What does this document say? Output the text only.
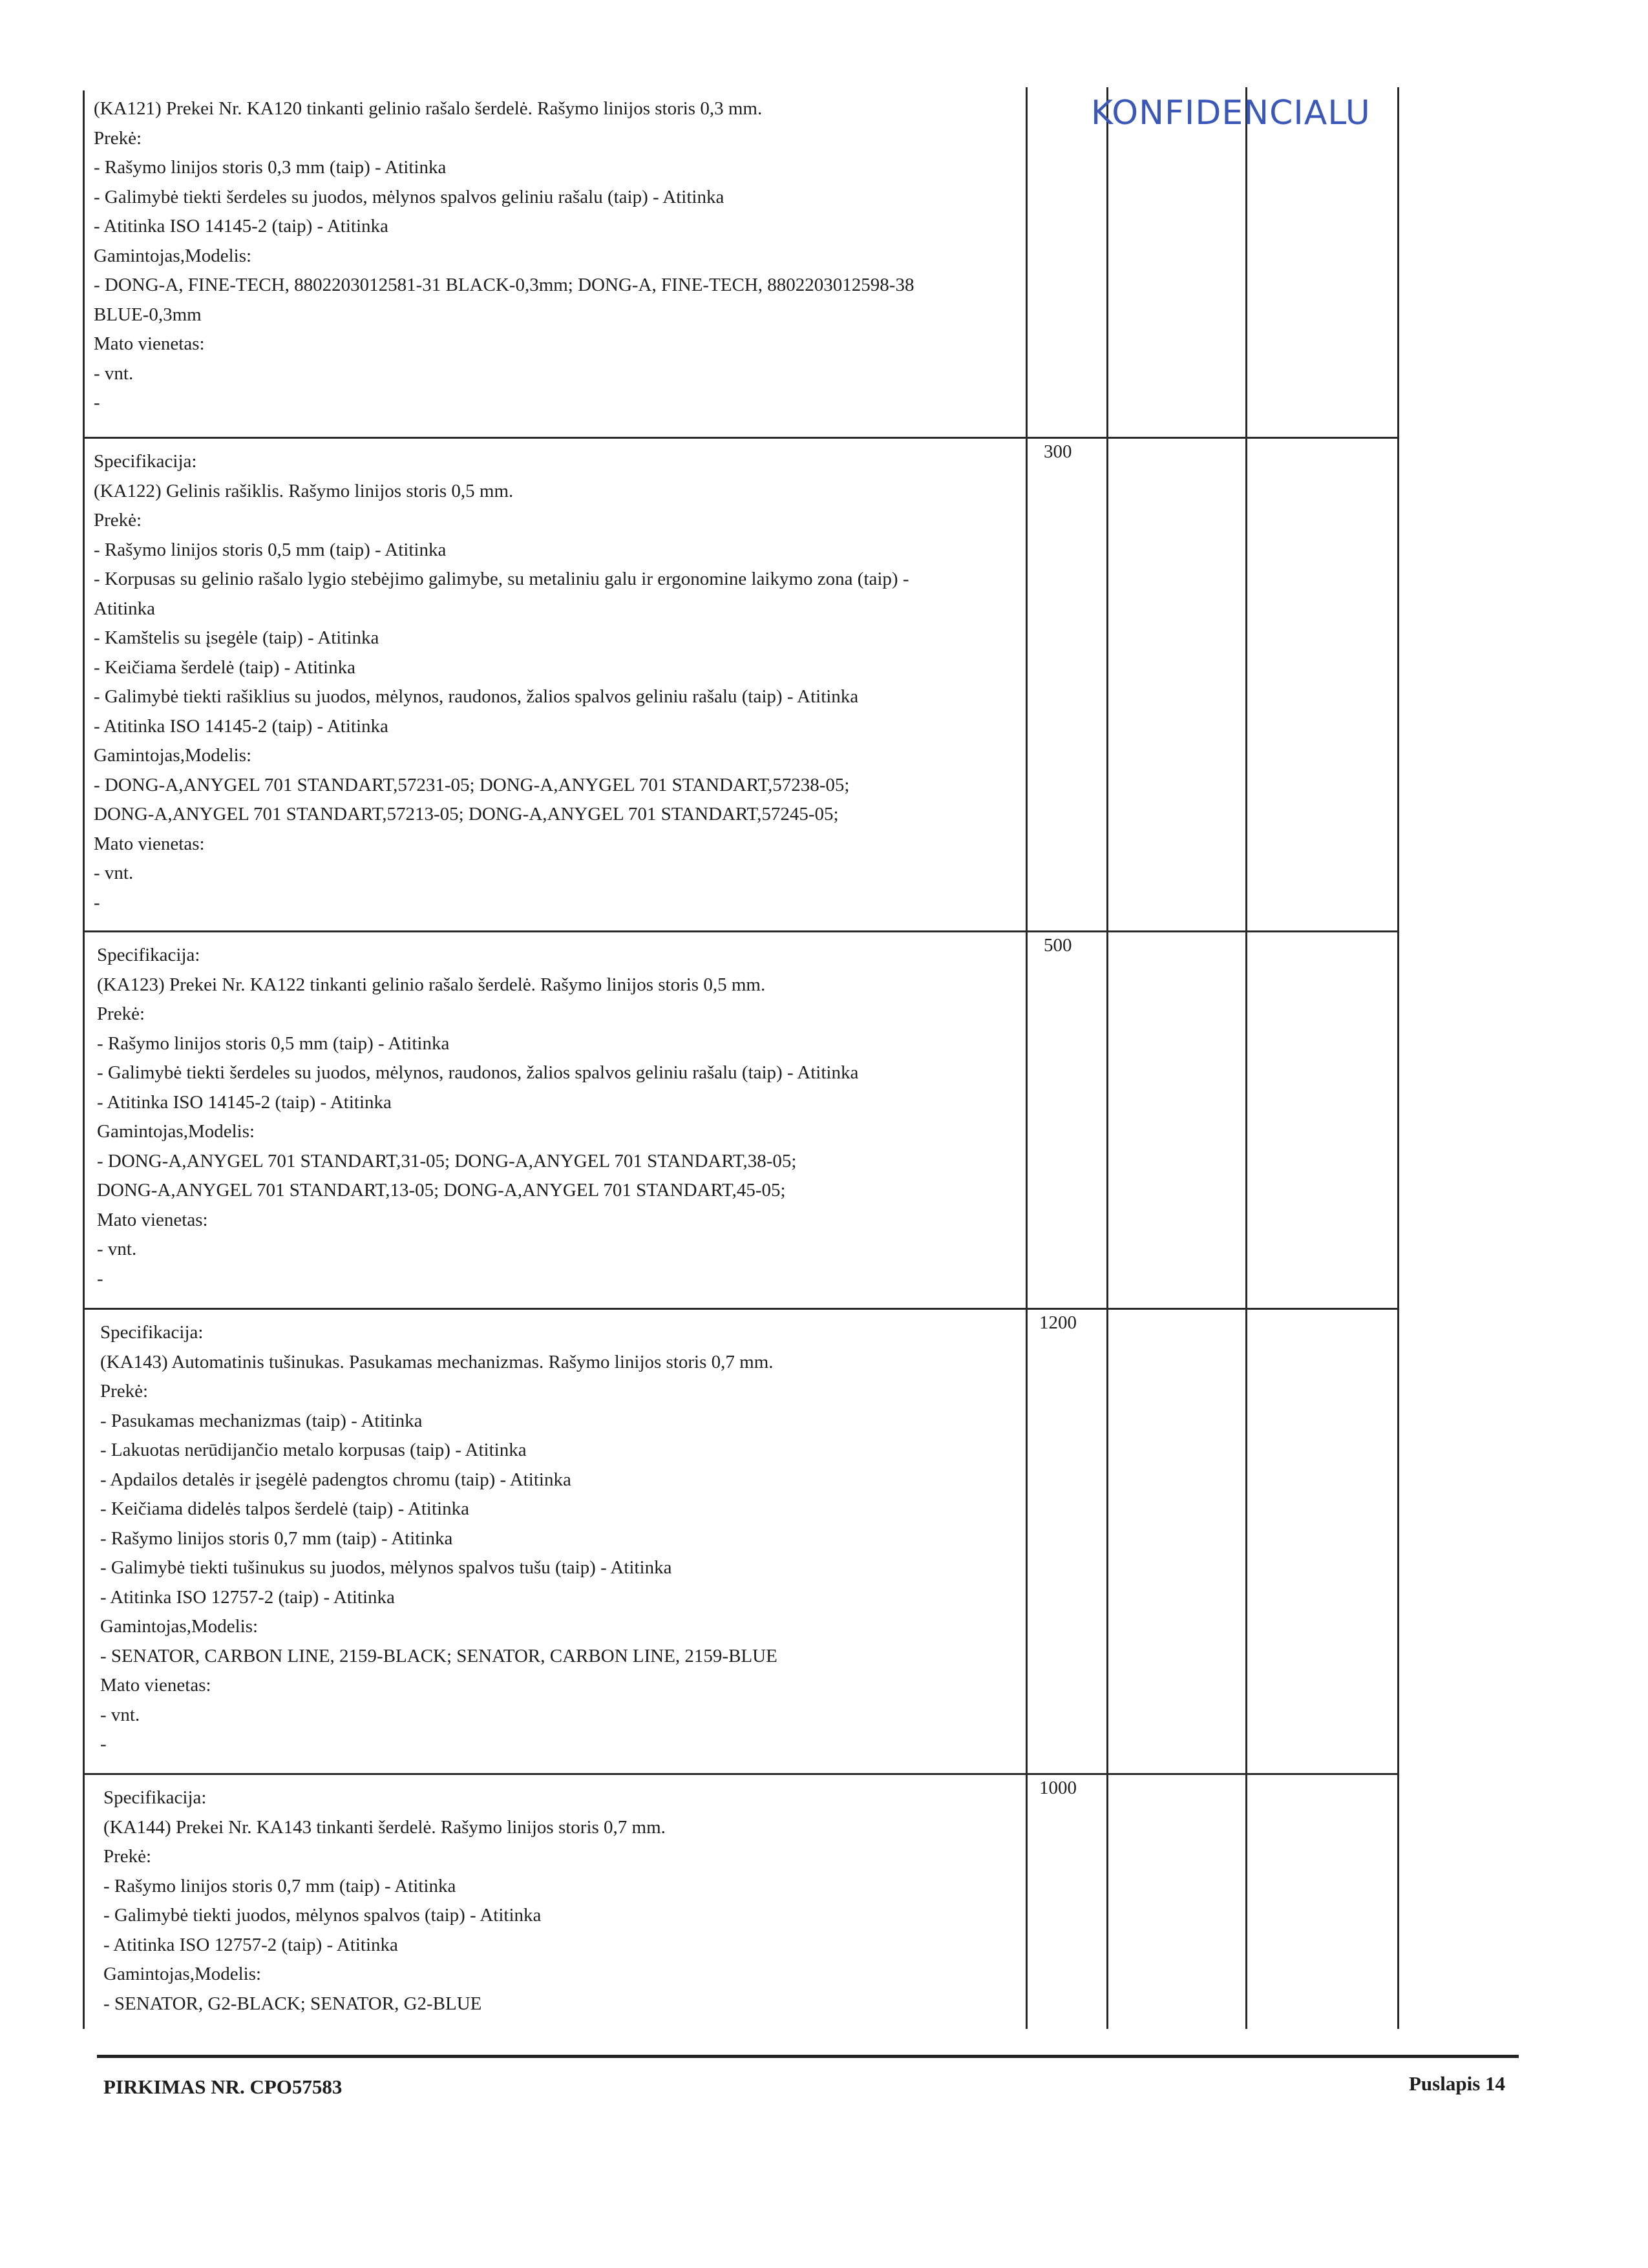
KONFIDENCIALU
(KA121) Prekei Nr. KA120 tinkanti gelinio rašalo šerdelė. Rašymo linijos storis 0,3 mm.
Prekė:
- Rašymo linijos storis 0,3 mm (taip) - Atitinka
- Galimybė tiekti šerdeles su juodos, mėlynos spalvos geliniu rašalu (taip) - Atitinka
- Atitinka ISO 14145-2 (taip) - Atitinka
Gamintojas,Modelis:
- DONG-A, FINE-TECH, 8802203012581-31 BLACK-0,3mm; DONG-A, FINE-TECH, 8802203012598-38
BLUE-0,3mm
Mato vienetas:
- vnt.
-
300
Specifikacija:
(KA122) Gelinis rašiklis. Rašymo linijos storis 0,5 mm.
Prekė:
- Rašymo linijos storis 0,5 mm (taip) - Atitinka
- Korpusas su gelinio rašalo lygio stebėjimo galimybe, su metaliniu galu ir ergonomine laikymo zona (taip) -
Atitinka
- Kamštelis su įsegėle (taip) - Atitinka
- Keičiama šerdelė (taip) - Atitinka
- Galimybė tiekti rašiklius su juodos, mėlynos, raudonos, žalios spalvos geliniu rašalu (taip) - Atitinka
- Atitinka ISO 14145-2 (taip) - Atitinka
Gamintojas,Modelis:
- DONG-A,ANYGEL 701 STANDART,57231-05; DONG-A,ANYGEL 701 STANDART,57238-05;
DONG-A,ANYGEL 701 STANDART,57213-05; DONG-A,ANYGEL 701 STANDART,57245-05;
Mato vienetas:
- vnt.
-
500
Specifikacija:
(KA123) Prekei Nr. KA122 tinkanti gelinio rašalo šerdelė. Rašymo linijos storis 0,5 mm.
Prekė:
- Rašymo linijos storis 0,5 mm (taip) - Atitinka
- Galimybė tiekti šerdeles su juodos, mėlynos, raudonos, žalios spalvos geliniu rašalu (taip) - Atitinka
- Atitinka ISO 14145-2 (taip) - Atitinka
Gamintojas,Modelis:
- DONG-A,ANYGEL 701 STANDART,31-05; DONG-A,ANYGEL 701 STANDART,38-05;
DONG-A,ANYGEL 701 STANDART,13-05; DONG-A,ANYGEL 701 STANDART,45-05;
Mato vienetas:
- vnt.
-
1200
Specifikacija:
(KA143) Automatinis tušinukas. Pasukamas mechanizmas. Rašymo linijos storis 0,7 mm.
Prekė:
- Pasukamas mechanizmas (taip) - Atitinka
- Lakuotas nerūdijančio metalo korpusas (taip) - Atitinka
- Apdailos detalės ir įsegėlė padengtos chromu (taip) - Atitinka
- Keičiama didelės talpos šerdelė (taip) - Atitinka
- Rašymo linijos storis 0,7 mm (taip) - Atitinka
- Galimybė tiekti tušinukus su juodos, mėlynos spalvos tušu (taip) - Atitinka
- Atitinka ISO 12757-2 (taip) - Atitinka
Gamintojas,Modelis:
- SENATOR, CARBON LINE, 2159-BLACK; SENATOR, CARBON LINE, 2159-BLUE
Mato vienetas:
- vnt.
-
1000
Specifikacija:
(KA144) Prekei Nr. KA143 tinkanti šerdelė. Rašymo linijos storis 0,7 mm.
Prekė:
- Rašymo linijos storis 0,7 mm (taip) - Atitinka
- Galimybė tiekti juodos, mėlynos spalvos (taip) - Atitinka
- Atitinka ISO 12757-2 (taip) - Atitinka
Gamintojas,Modelis:
- SENATOR, G2-BLACK; SENATOR, G2-BLUE
PIRKIMAS NR. CPO57583	Puslapis 14
